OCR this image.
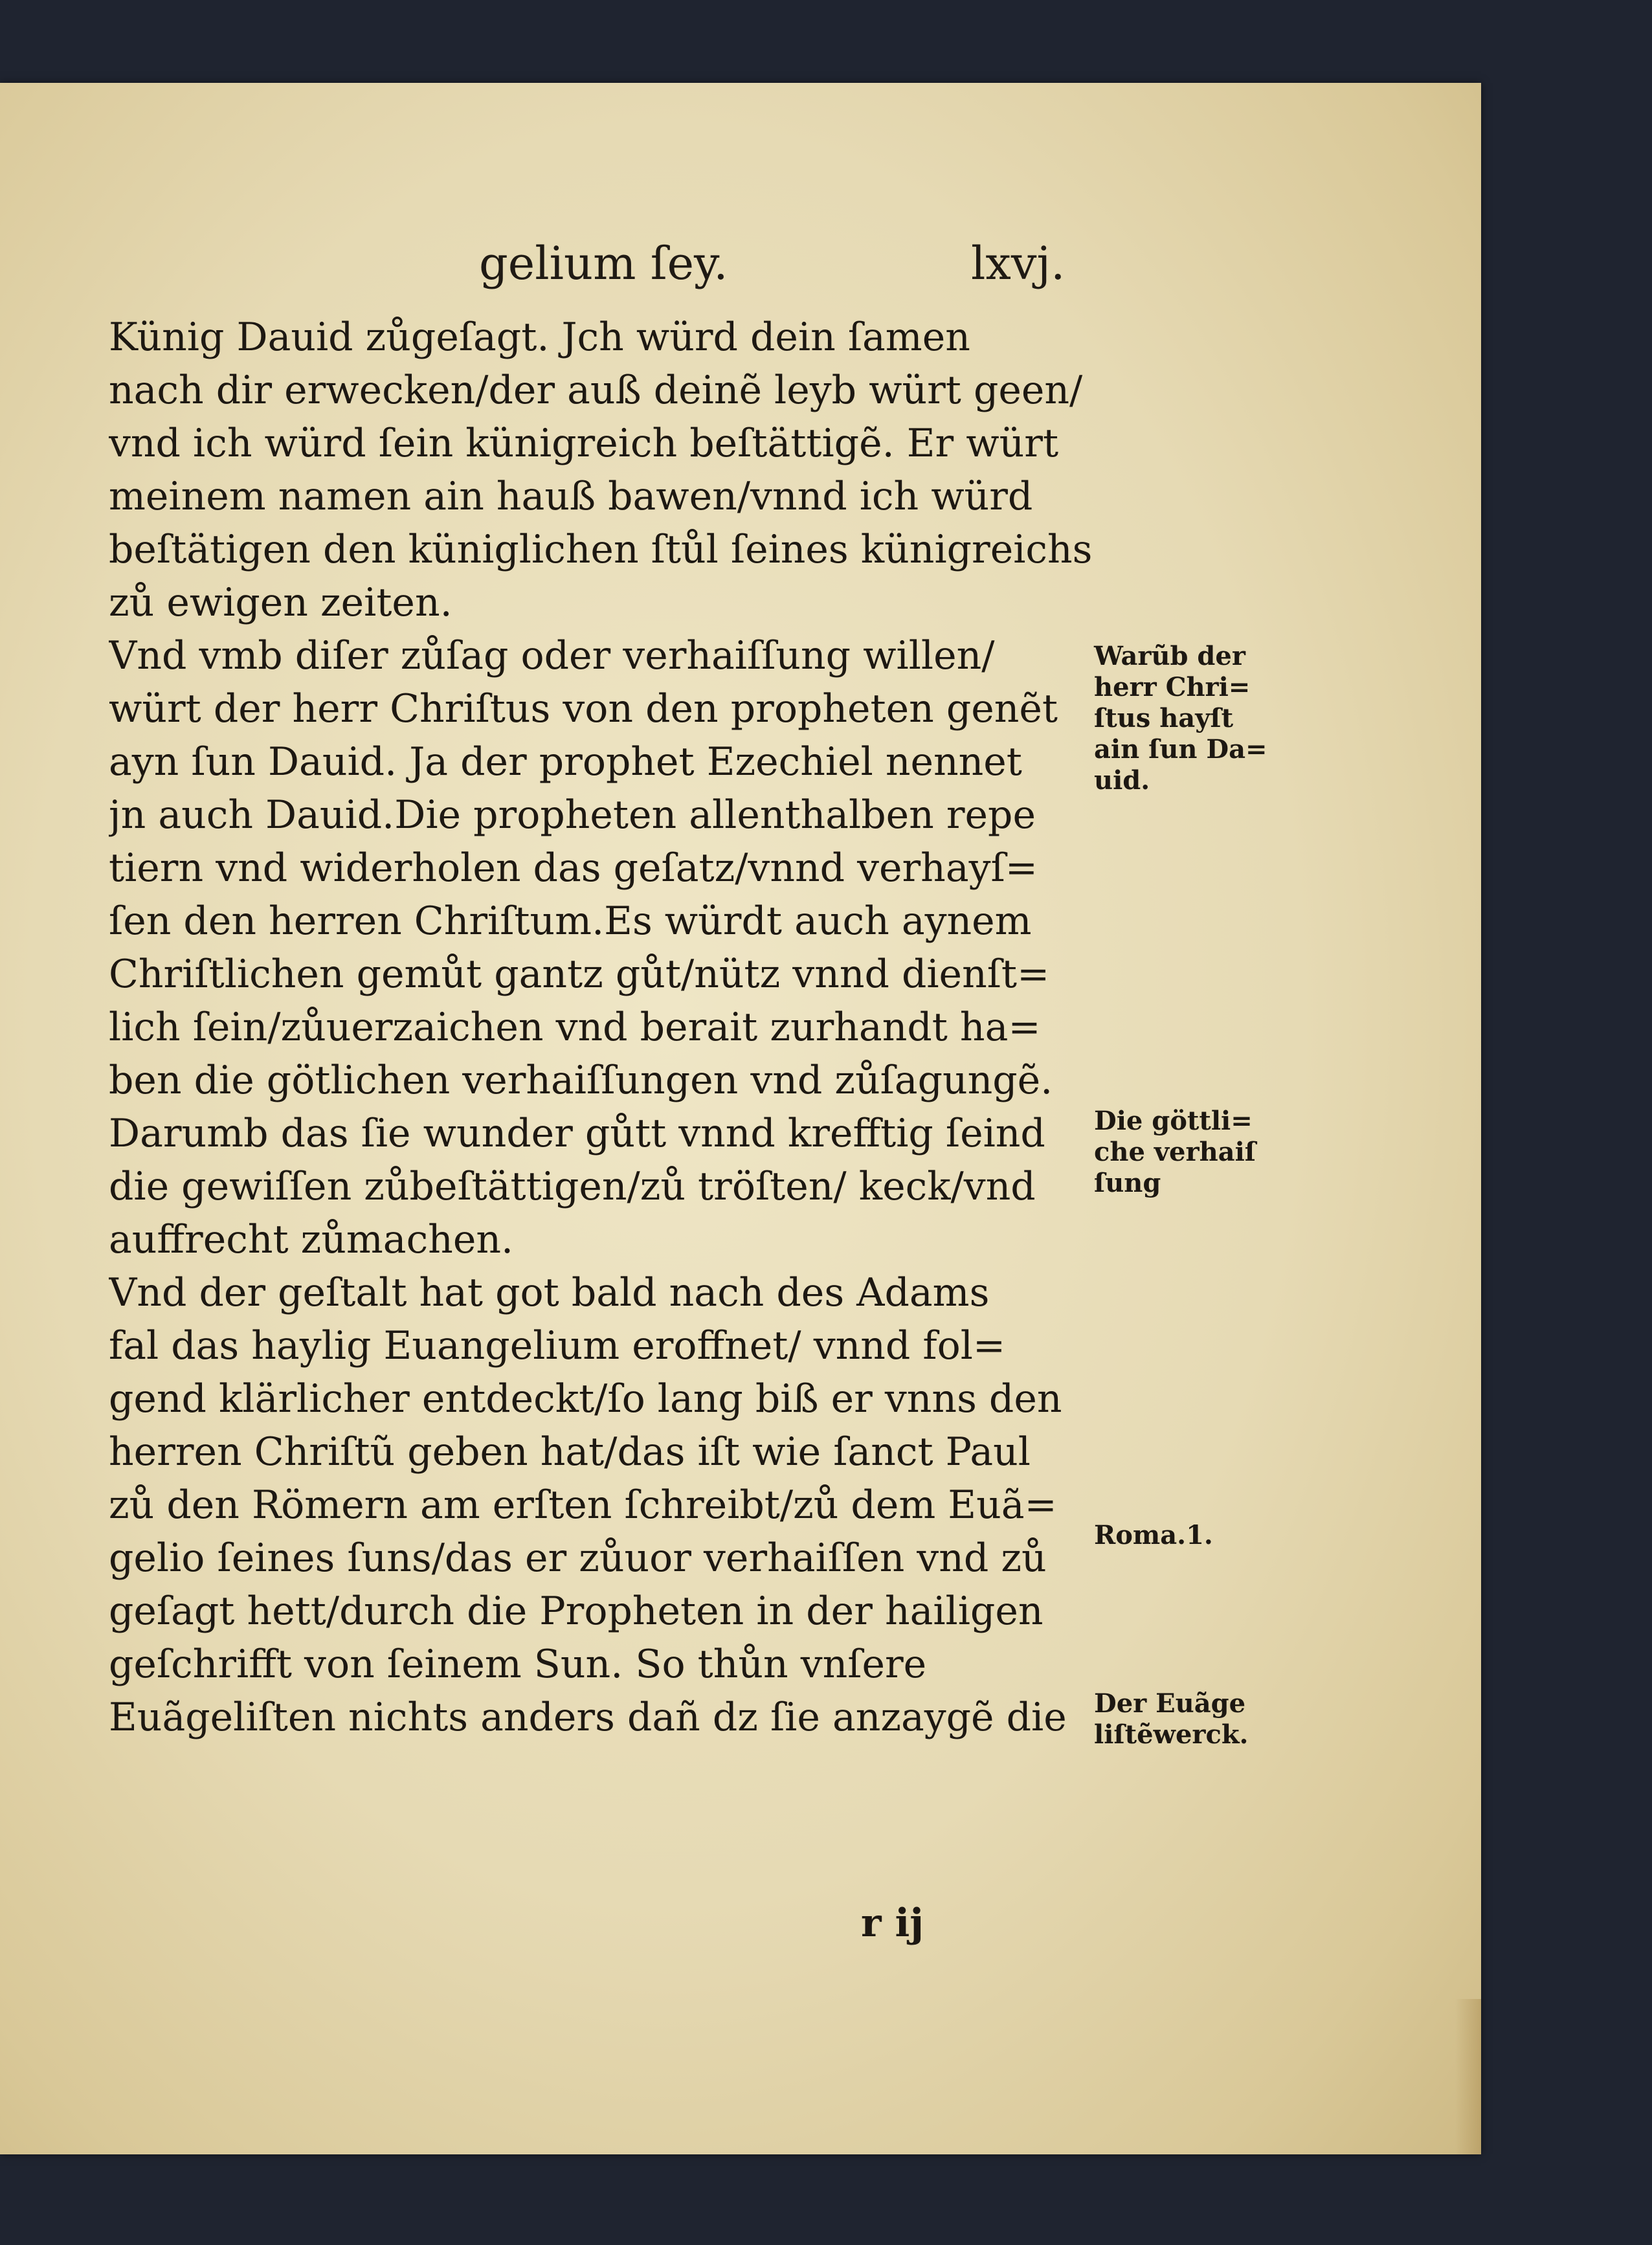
gelium ſey.	lxvj.
Künig Dauid zůgeſagt. Jch würd dein ſamen
nach dir erwecken/der auß deinẽ leyb würt geen/
vnd ich würd ſein künigreich beſtättigẽ. Er würt
meinem namen ain hauß bawen/vnnd ich würd
beſtätigen den küniglichen ſtůl ſeines künigreichs
zů ewigen zeiten.
Vnd vmb diſer zůſag oder verhaiſſung willen/
würt der herr Chriſtus von den propheten genẽt
ayn ſun Dauid. Ja der prophet Ezechiel nennet
jn auch Dauid.Die propheten allenthalben repe
tiern vnd widerholen das geſatz/vnnd verhayſ=
ſen den herren Chriſtum.Es würdt auch aynem
Chriſtlichen gemůt gantz gůt/nütz vnnd dienſt=
lich ſein/zůuerzaichen vnd berait zurhandt ha=
ben die götlichen verhaiſſungen vnd zůſagungẽ.
Darumb das ſie wunder gůtt vnnd krefftig ſeind
die gewiſſen zůbeſtättigen/zů tröſten/ keck/vnd
auffrecht zůmachen.
Vnd der geſtalt hat got bald nach des Adams
fal das haylig Euangelium eroffnet/ vnnd fol=
gend klärlicher entdeckt/ſo lang biß er vnns den
herren Chriſtũ geben hat/das iſt wie ſanct Paul
zů den Römern am erſten ſchreibt/zů dem Euã=
gelio ſeines ſuns/das er zůuor verhaiſſen vnd zů
geſagt hett/durch die Propheten in der hailigen
geſchrifft von ſeinem Sun. So thůn vnſere
Euãgeliſten nichts anders dañ dz ſie anzaygẽ die
Warũb der
herr Chri=
ſtus hayſt
ain ſun Da=
uid.
Die göttli=
che verhaiſ
ſung
Roma.1.
Der Euãge
liſtẽwerck.
r ij
